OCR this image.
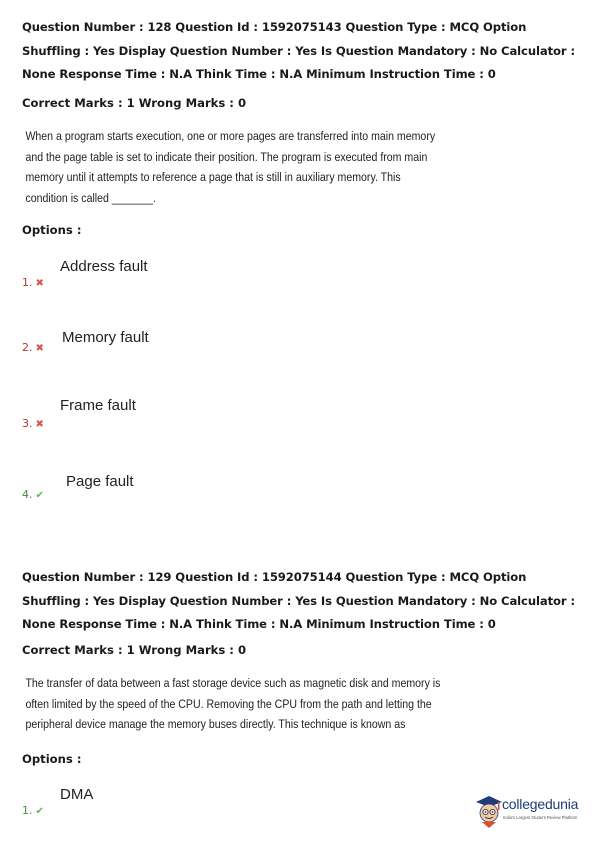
Question Number : 128 Question Id : 1592075143 Question Type : MCQ Option Shuffling : Yes Display Question Number : Yes Is Question Mandatory : No Calculator : None Response Time : N.A Think Time : N.A Minimum Instruction Time : 0
Correct Marks : 1 Wrong Marks : 0
When a program starts execution, one or more pages are transferred into main memory
and the page table is set to indicate their position. The program is executed from main
memory until it attempts to reference a page that is still in auxiliary memory. This
condition is called _______.
Options :
Address fault
1. ✖
Memory fault
2. ✖
Frame fault
3. ✖
Page fault
4. ✔
Question Number : 129 Question Id : 1592075144 Question Type : MCQ Option Shuffling : Yes Display Question Number : Yes Is Question Mandatory : No Calculator : None Response Time : N.A Think Time : N.A Minimum Instruction Time : 0
Correct Marks : 1 Wrong Marks : 0
The transfer of data between a fast storage device such as magnetic disk and memory is
often limited by the speed of the CPU. Removing the CPU from the path and letting the
peripheral device manage the memory buses directly. This technique is known as
Options :
DMA
1. ✔	collegedunia
India's Largest Student Review Platform
